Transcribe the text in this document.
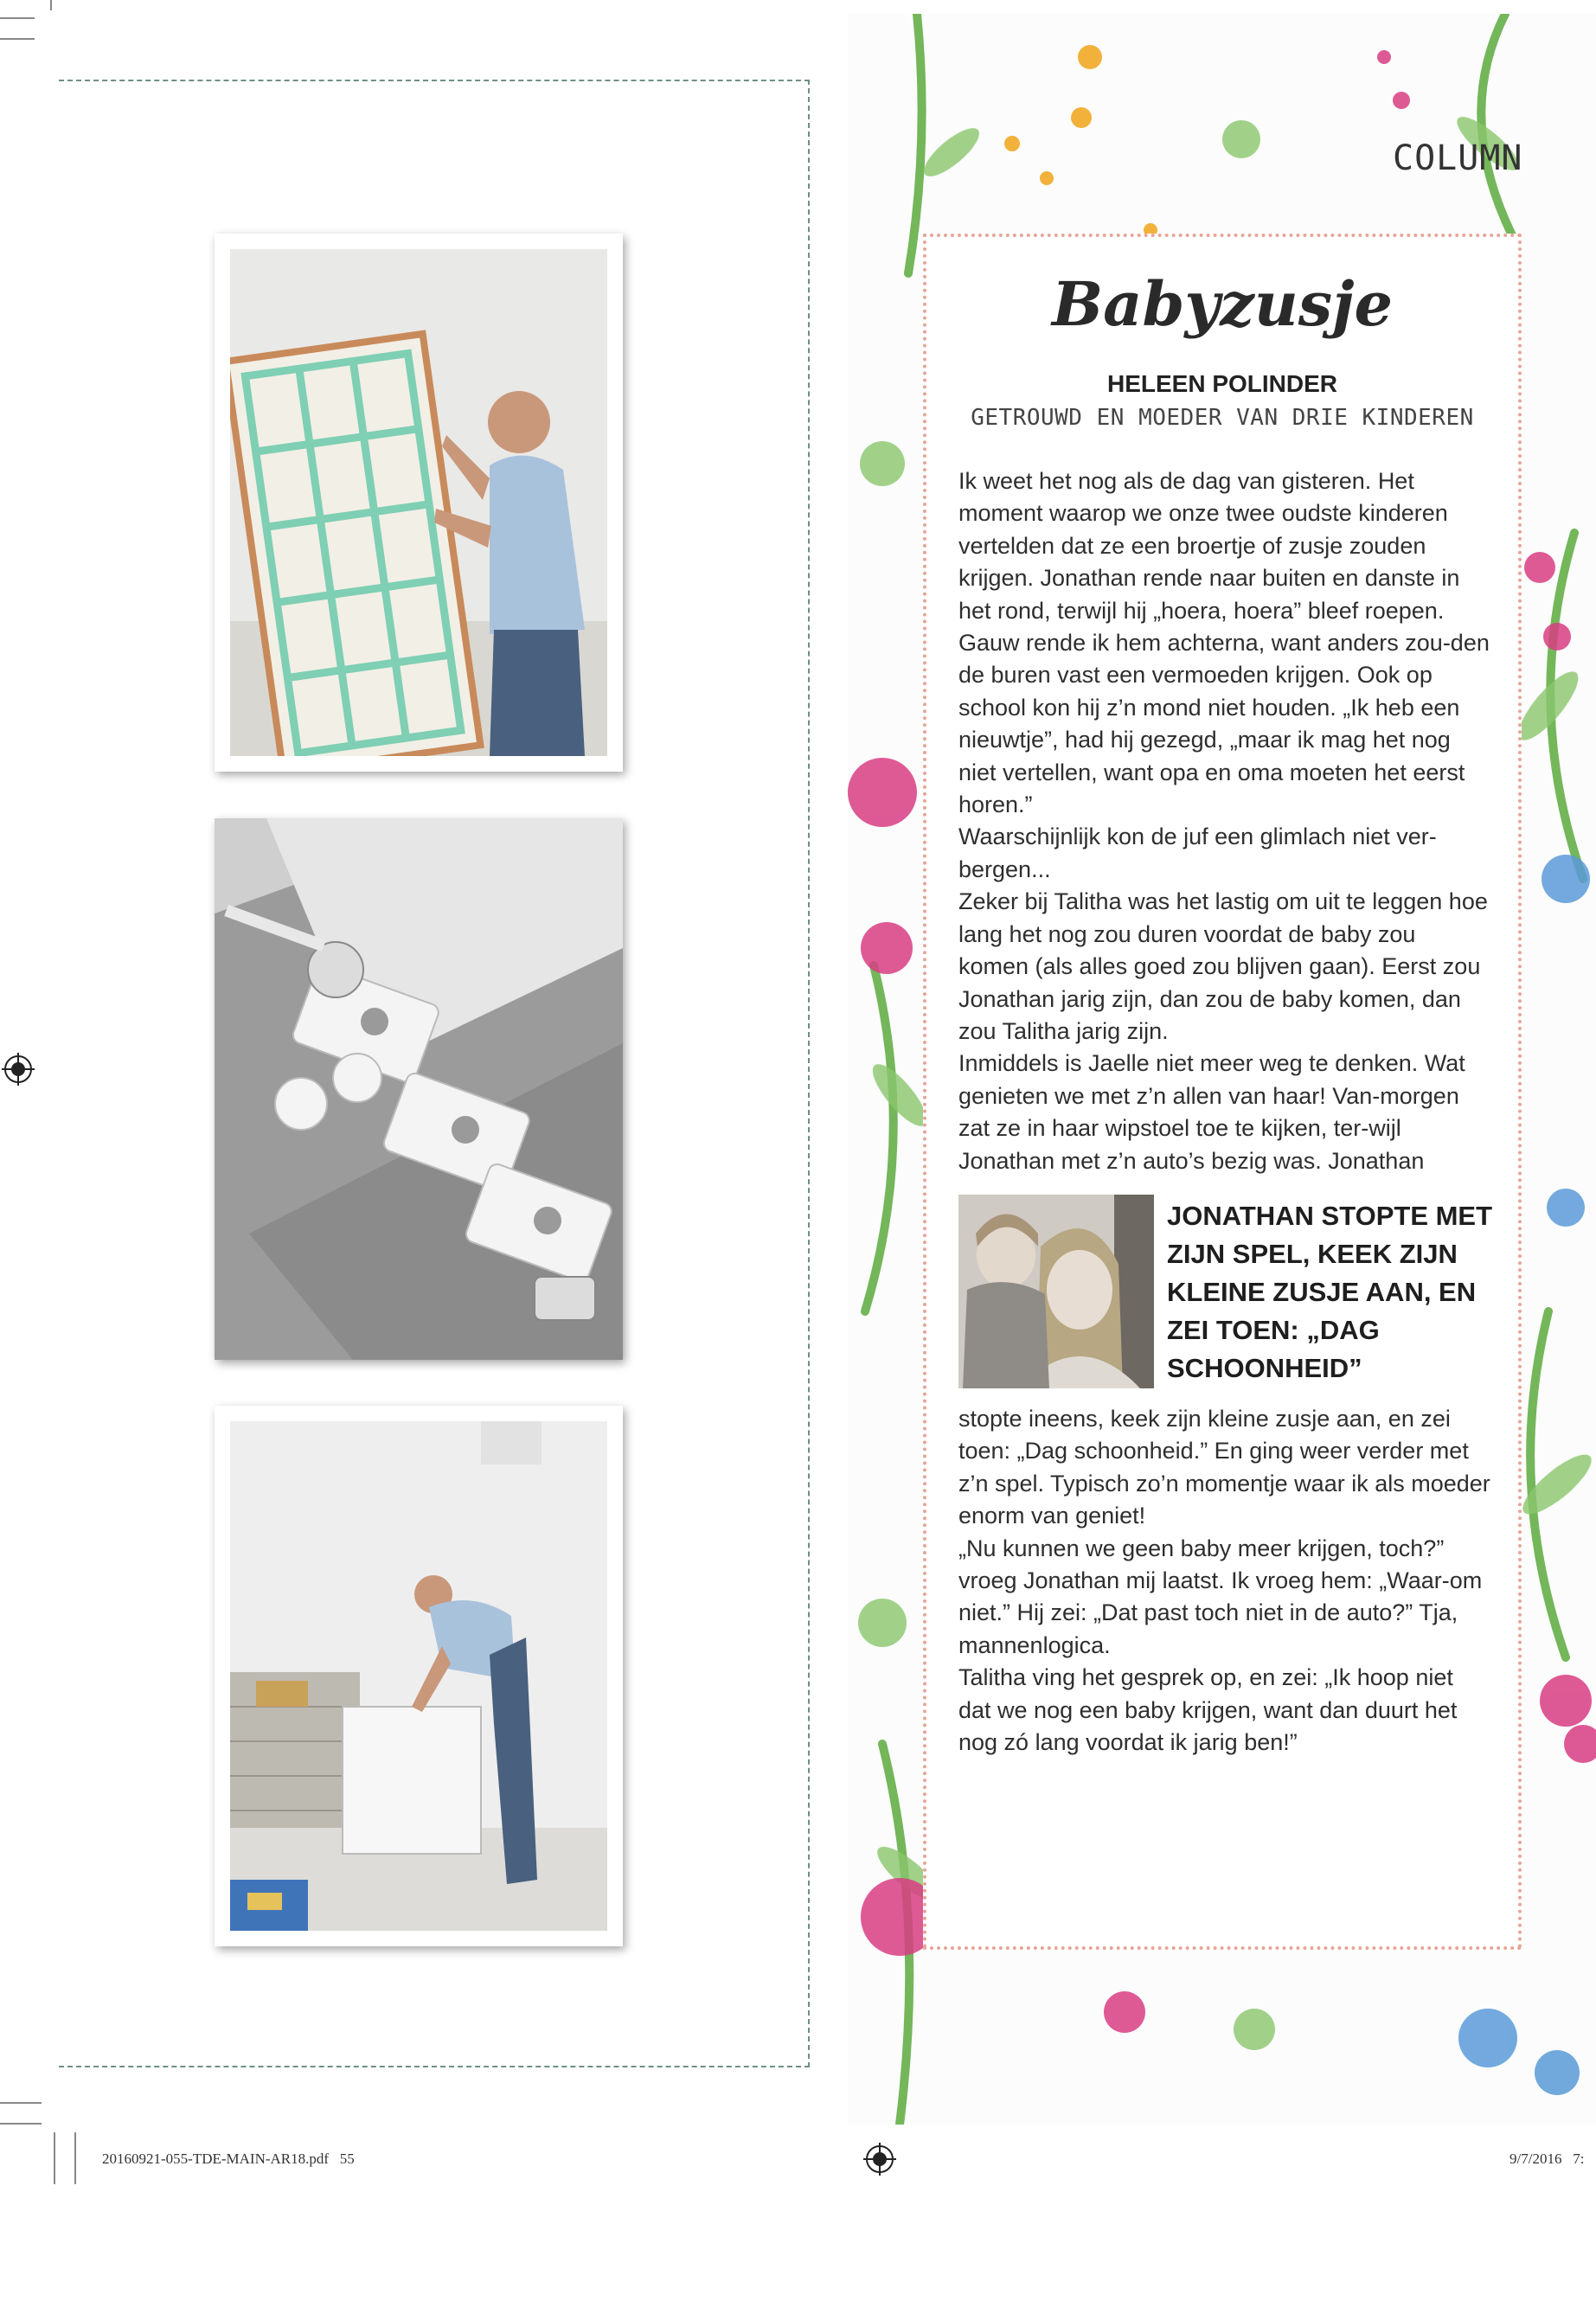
COLUMN
Babyzusje
HELEEN POLINDER
GETROUWD EN MOEDER VAN DRIE KINDEREN

Ik weet het nog als de dag van gisteren. Het moment waarop we onze twee oudste kinderen vertelden dat ze een broertje of zusje zouden krijgen. Jonathan rende naar buiten en danste in het rond, terwijl hij „hoera, hoera” bleef roepen. Gauw rende ik hem achterna, want anders zou-den de buren vast een vermoeden krijgen. Ook op school kon hij z’n mond niet houden. „Ik heb een nieuwtje”, had hij gezegd, „maar ik mag het nog niet vertellen, want opa en oma moeten het eerst horen.”

Waarschijnlijk kon de juf een glimlach niet ver-bergen...

Zeker bij Talitha was het lastig om uit te leggen hoe lang het nog zou duren voordat de baby zou komen (als alles goed zou blijven gaan). Eerst zou Jonathan jarig zijn, dan zou de baby komen, dan zou Talitha jarig zijn.

Inmiddels is Jaelle niet meer weg te denken. Wat genieten we met z’n allen van haar! Van-morgen zat ze in haar wipstoel toe te kijken, ter-wijl Jonathan met z’n auto’s bezig was. Jonathan

JONATHAN STOPTE MET ZIJN SPEL, KEEK ZIJN KLEINE ZUSJE AAN, EN ZEI TOEN: „DAG SCHOONHEID”

stopte ineens, keek zijn kleine zusje aan, en zei toen: „Dag schoonheid.” En ging weer verder met z’n spel. Typisch zo’n momentje waar ik als moeder enorm van geniet!

„Nu kunnen we geen baby meer krijgen, toch?” vroeg Jonathan mij laatst. Ik vroeg hem: „Waar-om niet.” Hij zei: „Dat past toch niet in de auto?” Tja, mannenlogica.

Talitha ving het gesprek op, en zei: „Ik hoop niet dat we nog een baby krijgen, want dan duurt het nog zó lang voordat ik jarig ben!”

20160921-055-TDE-MAIN-AR18.pdf   55	9/7/2016   7:
